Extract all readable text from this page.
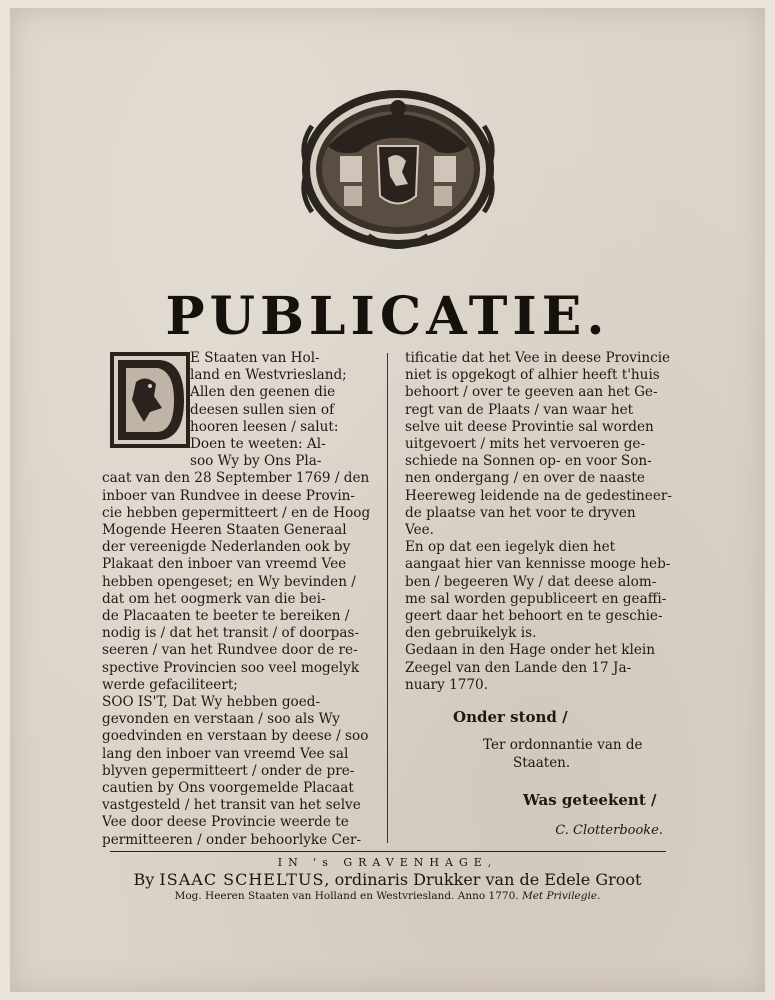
PUBLICATIE.
E Staaten van Hol-
land en Westvriesland;
Allen den geenen die
deesen sullen sien of
hooren leesen / salut:
Doen te weeten: Al-
soo Wy by Ons Pla-
caat van den 28 September 1769 / den
inboer van Rundvee in deese Provin-
cie hebben gepermitteert / en de Hoog
Mogende Heeren Staaten Generaal
der vereenigde Nederlanden ook by
Plakaat den inboer van vreemd Vee
hebben opengeset; en Wy bevinden /
dat om het oogmerk van die bei-
de Placaaten te beeter te bereiken /
nodig is / dat het transit / of doorpas-
seeren / van het Rundvee door de re-
spective Provincien soo veel mogelyk
werde gefaciliteert;
SOO IS'T, Dat Wy hebben goed-
gevonden en verstaan / soo als Wy
goedvinden en verstaan by deese / soo
lang den inboer van vreemd Vee sal
blyven gepermitteert / onder de pre-
cautien by Ons voorgemelde Placaat
vastgesteld / het transit van het selve
Vee door deese Provincie weerde te
permitteeren / onder behoorlyke Cer-
tificatie dat het Vee in deese Provincie
niet is opgekogt of alhier heeft t'huis
behoort / over te geeven aan het Ge-
regt van de Plaats / van waar het
selve uit deese Provintie sal worden
uitgevoert / mits het vervoeren ge-
schiede na Sonnen op- en voor Son-
nen ondergang / en over de naaste
Heereweg leidende na de gedestineer-
de plaatse van het voor te dryven
Vee.
En op dat een iegelyk dien het
aangaat hier van kennisse mooge heb-
ben / begeeren Wy / dat deese alom-
me sal worden gepubliceert en geaffi-
geert daar het behoort en te geschie-
den gebruikelyk is.
Gedaan in den Hage onder het klein
Zeegel van den Lande den 17 Ja-
nuary 1770.
Onder stond /
Ter ordonnantie van de
Staaten.
Was geteekent /
C. Clotterbooke.
IN 's GRAVENHAGE,
By ISAAC SCHELTUS, ordinaris Drukker van de Edele Groot
Mog. Heeren Staaten van Holland en Westvriesland. Anno 1770. Met Privilegie.
